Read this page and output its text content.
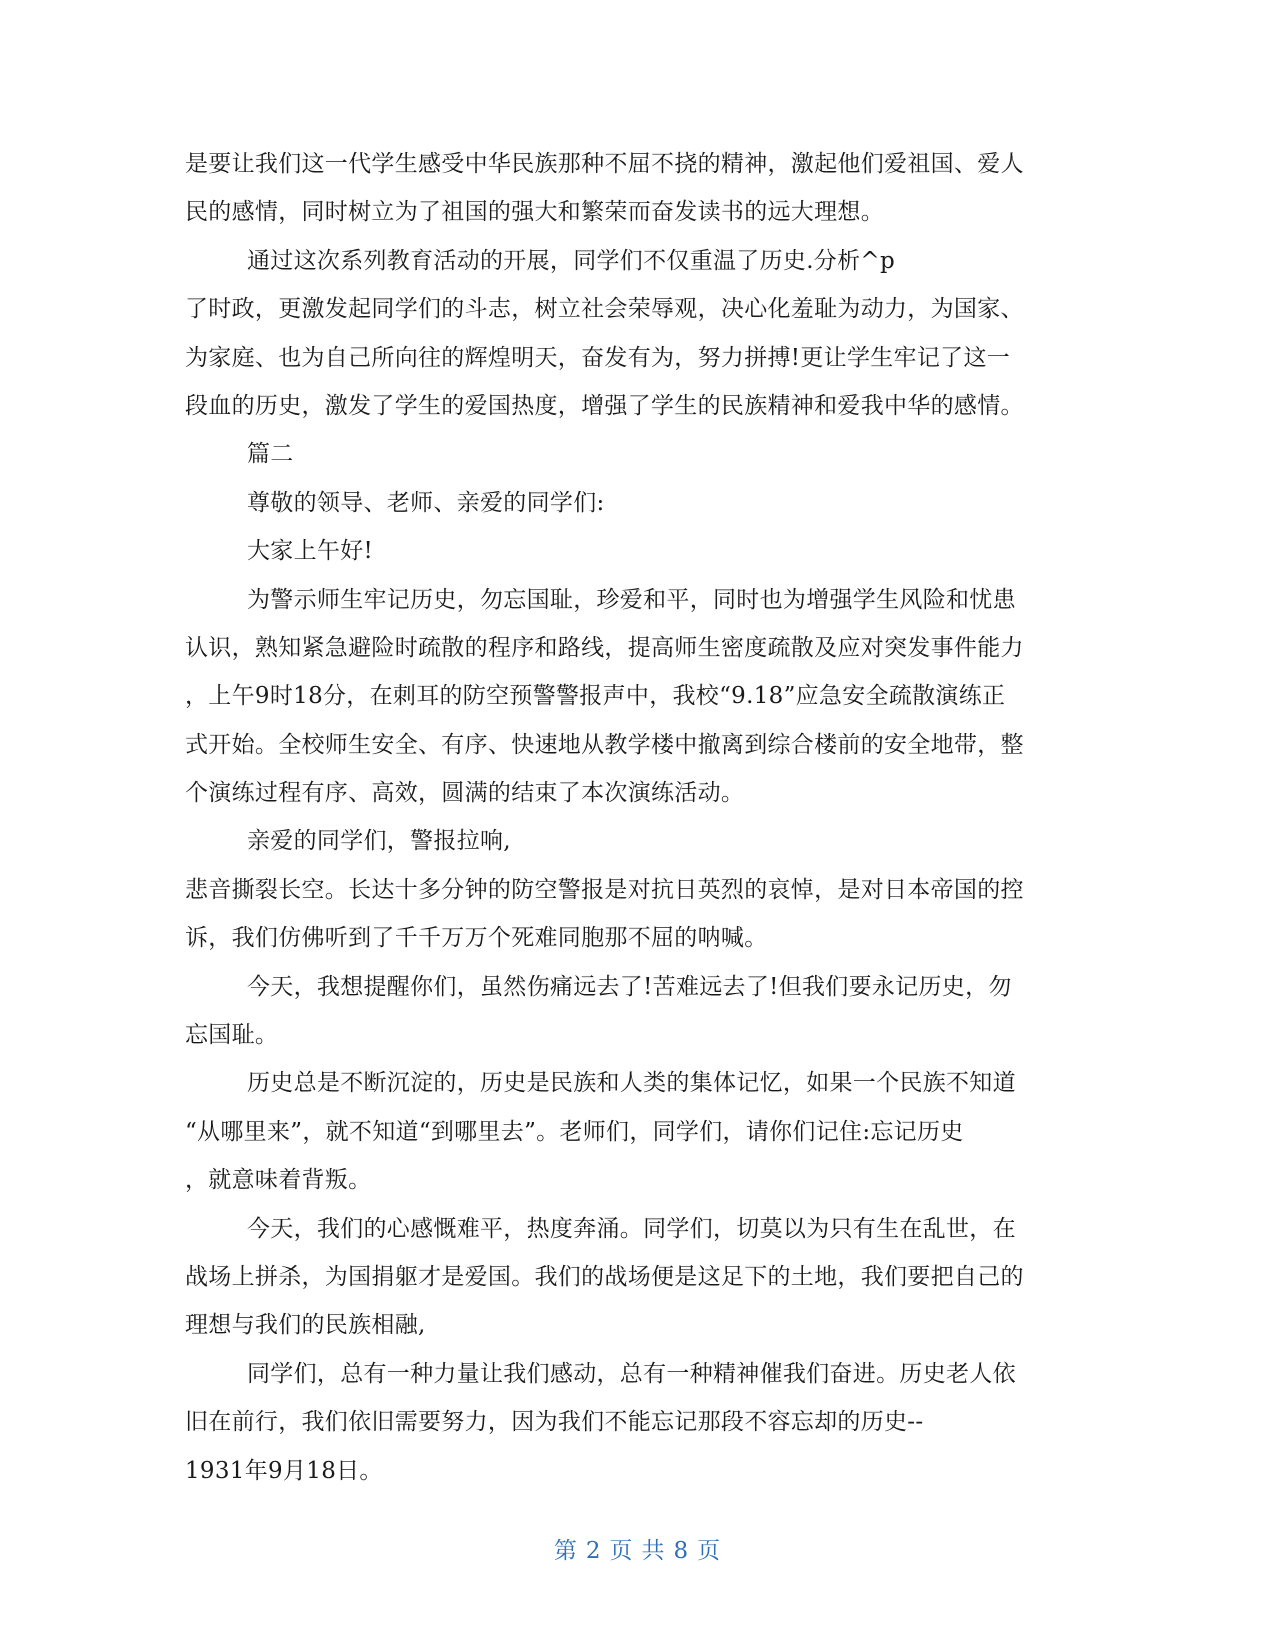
是要让我们这一代学生感受中华民族那种不屈不挠的精神，激起他们爱祖国、爱人
民的感情，同时树立为了祖国的强大和繁荣而奋发读书的远大理想。
通过这次系列教育活动的开展，同学们不仅重温了历史.分析^p
了时政，更激发起同学们的斗志，树立社会荣辱观，决心化羞耻为动力，为国家、
为家庭、也为自己所向往的辉煌明天，奋发有为，努力拼搏!更让学生牢记了这一
段血的历史，激发了学生的爱国热度，增强了学生的民族精神和爱我中华的感情。
篇二
尊敬的领导、老师、亲爱的同学们:
大家上午好!
为警示师生牢记历史，勿忘国耻，珍爱和平，同时也为增强学生风险和忧患
认识，熟知紧急避险时疏散的程序和路线，提高师生密度疏散及应对突发事件能力
，上午9时18分，在刺耳的防空预警警报声中，我校“9.18”应急安全疏散演练正
式开始。全校师生安全、有序、快速地从教学楼中撤离到综合楼前的安全地带，整
个演练过程有序、高效，圆满的结束了本次演练活动。
亲爱的同学们，警报拉响,
悲音撕裂长空。长达十多分钟的防空警报是对抗日英烈的哀悼，是对日本帝国的控
诉，我们仿佛听到了千千万万个死难同胞那不屈的呐喊。
今天，我想提醒你们，虽然伤痛远去了!苦难远去了!但我们要永记历史，勿
忘国耻。
历史总是不断沉淀的，历史是民族和人类的集体记忆，如果一个民族不知道
“从哪里来”，就不知道“到哪里去”。老师们，同学们，请你们记住:忘记历史
，就意味着背叛。
今天，我们的心感慨难平，热度奔涌。同学们，切莫以为只有生在乱世，在
战场上拼杀，为国捐躯才是爱国。我们的战场便是这足下的土地，我们要把自己的
理想与我们的民族相融,
同学们，总有一种力量让我们感动，总有一种精神催我们奋进。历史老人依
旧在前行，我们依旧需要努力，因为我们不能忘记那段不容忘却的历史--
1931年9月18日。
第 2 页 共 8 页
